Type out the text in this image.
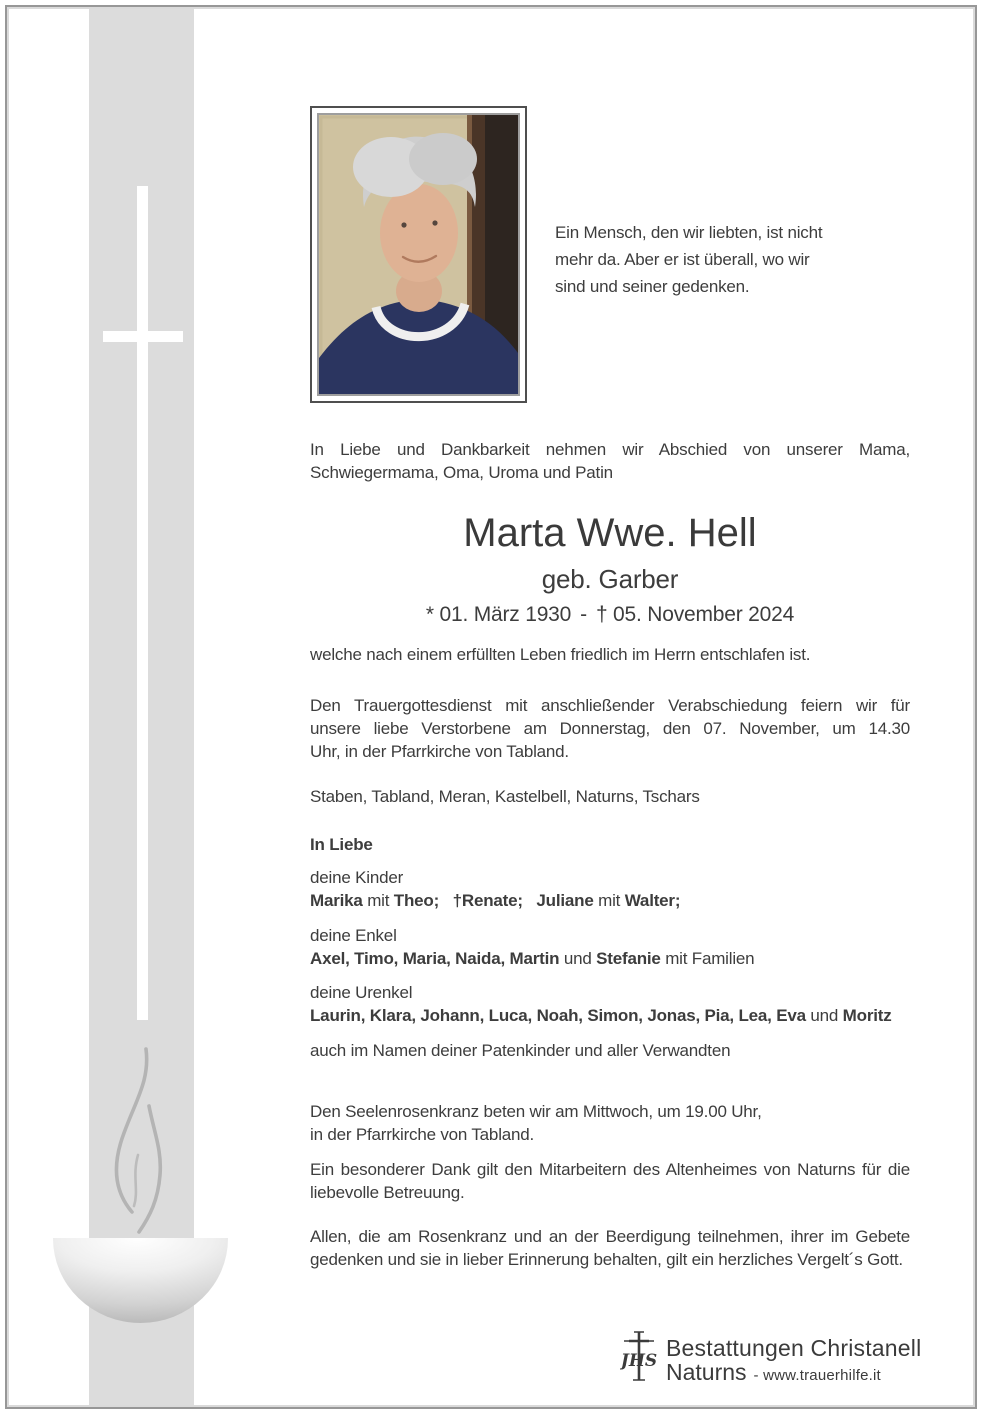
Ein Mensch, den wir liebten, ist nicht
mehr da. Aber er ist überall, wo wir
sind und seiner gedenken.
In Liebe und Dankbarkeit nehmen wir Abschied von unserer Mama,
Schwiegermama, Oma, Uroma und Patin
Marta Wwe. Hell
geb. Garber
* 01. März 1930 - † 05. November 2024
welche nach einem erfüllten Leben friedlich im Herrn entschlafen ist.
Den Trauergottesdienst mit anschließender Verabschiedung feiern wir für
unsere liebe Verstorbene am Donnerstag, den 07. November, um 14.30
Uhr, in der Pfarrkirche von Tabland.
Staben, Tabland, Meran, Kastelbell, Naturns, Tschars
In Liebe
deine Kinder
Marika mit Theo; †Renate; Juliane mit Walter;
deine Enkel
Axel, Timo, Maria, Naida, Martin und Stefanie mit Familien
deine Urenkel
Laurin, Klara, Johann, Luca, Noah, Simon, Jonas, Pia, Lea, Eva und Moritz
auch im Namen deiner Patenkinder und aller Verwandten
Den Seelenrosenkranz beten wir am Mittwoch, um 19.00 Uhr,
in der Pfarrkirche von Tabland.
Ein besonderer Dank gilt den Mitarbeitern des Altenheimes von Naturns für die
liebevolle Betreuung.
Allen, die am Rosenkranz und an der Beerdigung teilnehmen, ihrer im Gebete
gedenken und sie in lieber Erinnerung behalten, gilt ein herzliches Vergelt´s Gott.
JHS Bestattungen Christanell
Naturns - www.trauerhilfe.it
